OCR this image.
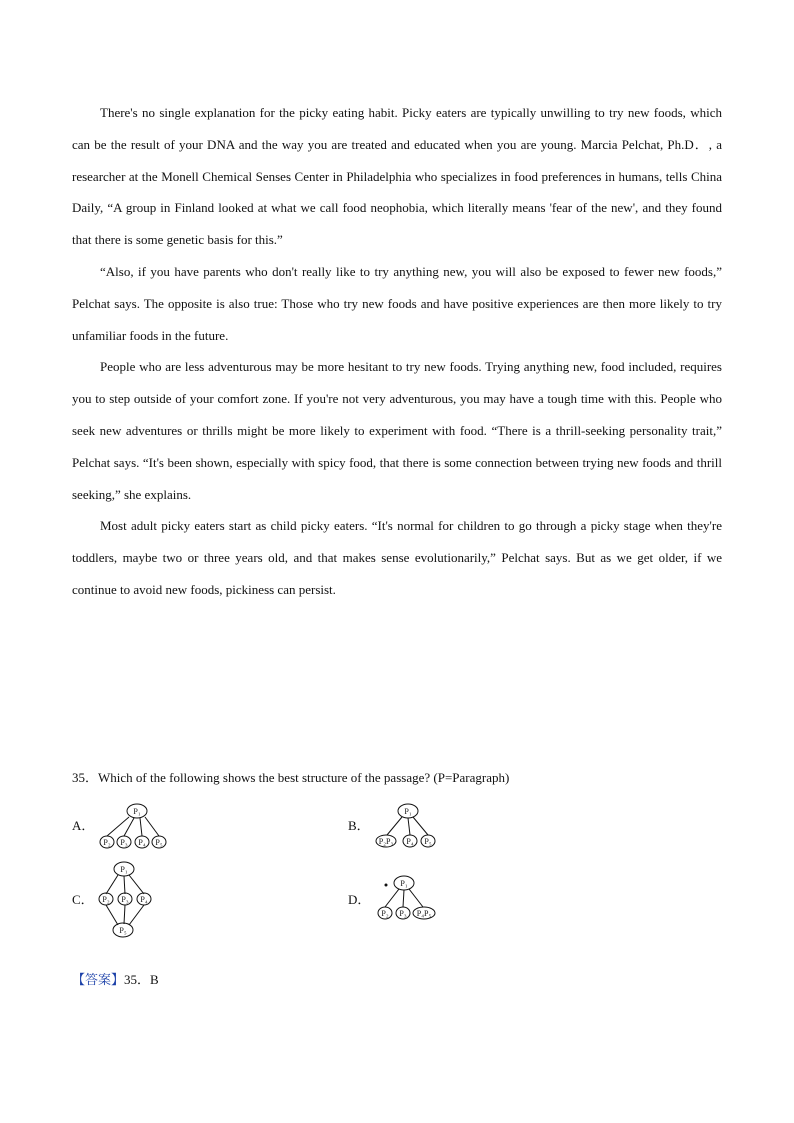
There's no single explanation for the picky eating habit. Picky eaters are typically unwilling to try new foods, which can be the result of your DNA and the way you are treated and educated when you are young. Marcia Pelchat, Ph.D．, a researcher at the Monell Chemical Senses Center in Philadelphia who specializes in food preferences in humans, tells China Daily, “A group in Finland looked at what we call food neophobia, which literally means 'fear of the new', and they found that there is some genetic basis for this.”

“Also, if you have parents who don't really like to try anything new, you will also be exposed to fewer new foods,” Pelchat says. The opposite is also true: Those who try new foods and have positive experiences are then more likely to try unfamiliar foods in the future.

People who are less adventurous may be more hesitant to try new foods. Trying anything new, food included, requires you to step outside of your comfort zone. If you're not very adventurous, you may have a tough time with this. People who seek new adventures or thrills might be more likely to experiment with food. “There is a thrill-seeking personality trait,” Pelchat says. “It's been shown, especially with spicy food, that there is some connection between trying new foods and thrill seeking,” she explains.

Most adult picky eaters start as child picky eaters. “It's normal for children to go through a picky stage when they're toddlers, maybe two or three years old, and that makes sense evolutionarily,” Pelchat says. But as we get older, if we continue to avoid new foods, pickiness can persist.

35．Which of the following shows the best structure of the passage? (P=Paragraph)
A．
P₁
P₂ P₃ P₄ P₅
B．
P₁
P₂P₃ P₄ P₅
C．
P₁
P₂ P₃ P₄
P₅
D．
P₁
P₂ P₃ P₄P₅
【答案】35．B
